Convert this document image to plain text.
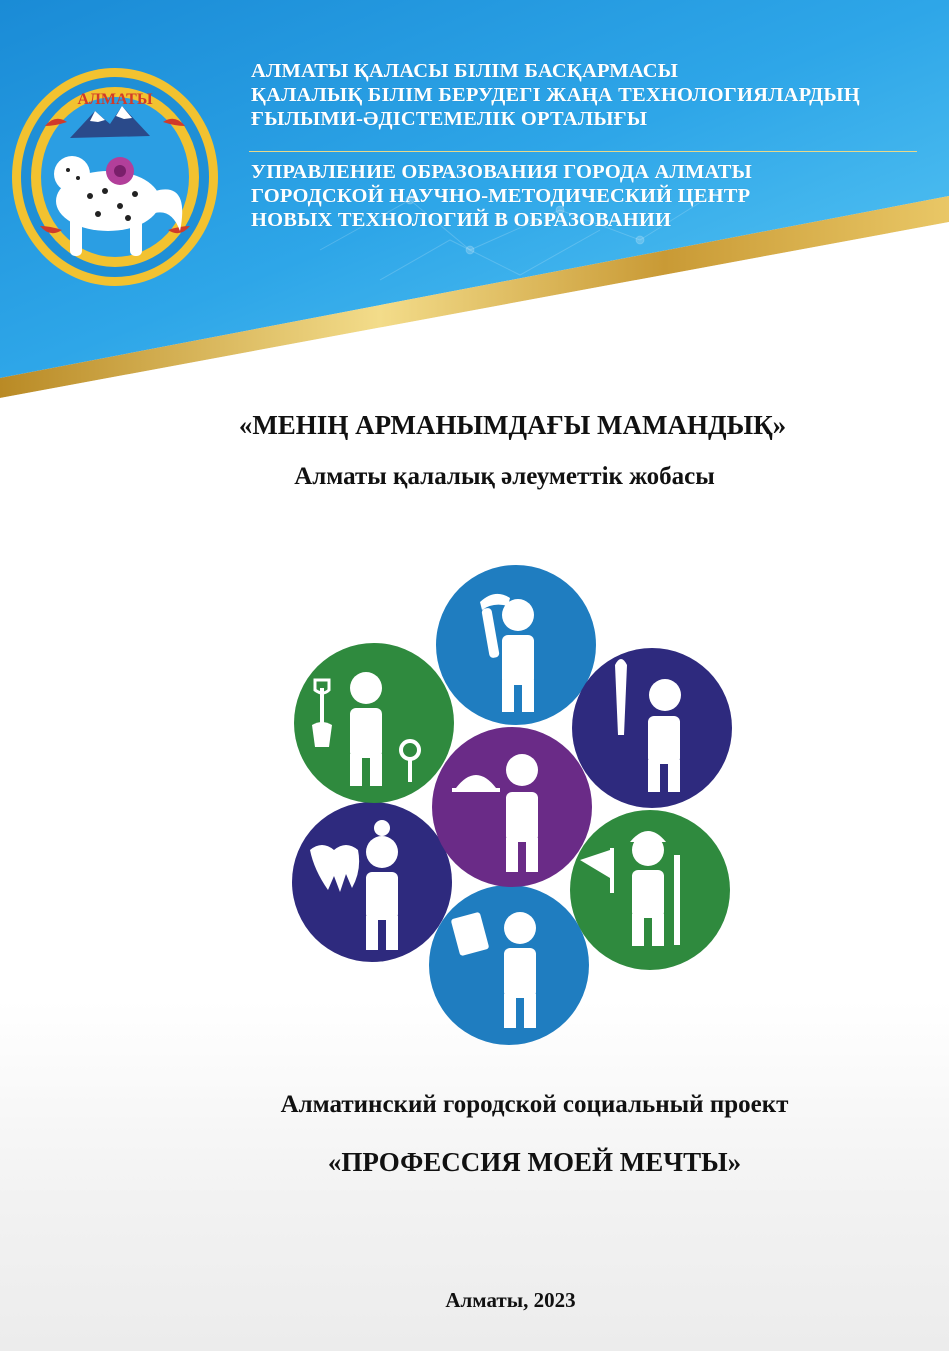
АЛМАТЫ
АЛМАТЫ ҚАЛАСЫ БІЛІМ БАСҚАРМАСЫ
ҚАЛАЛЫҚ БІЛІМ БЕРУДЕГІ ЖАҢА ТЕХНОЛОГИЯЛАРДЫҢ
ҒЫЛЫМИ-ӘДІСТЕМЕЛІК ОРТАЛЫҒЫ
УПРАВЛЕНИЕ ОБРАЗОВАНИЯ ГОРОДА АЛМАТЫ
ГОРОДСКОЙ НАУЧНО-МЕТОДИЧЕСКИЙ ЦЕНТР
НОВЫХ ТЕХНОЛОГИЙ В ОБРАЗОВАНИИ
«МЕНІҢ АРМАНЫМДАҒЫ МАМАНДЫҚ»
Алматы қалалық әлеуметтік жобасы
Алматинский городской социальный проект
«ПРОФЕССИЯ МОЕЙ МЕЧТЫ»
Алматы, 2023
